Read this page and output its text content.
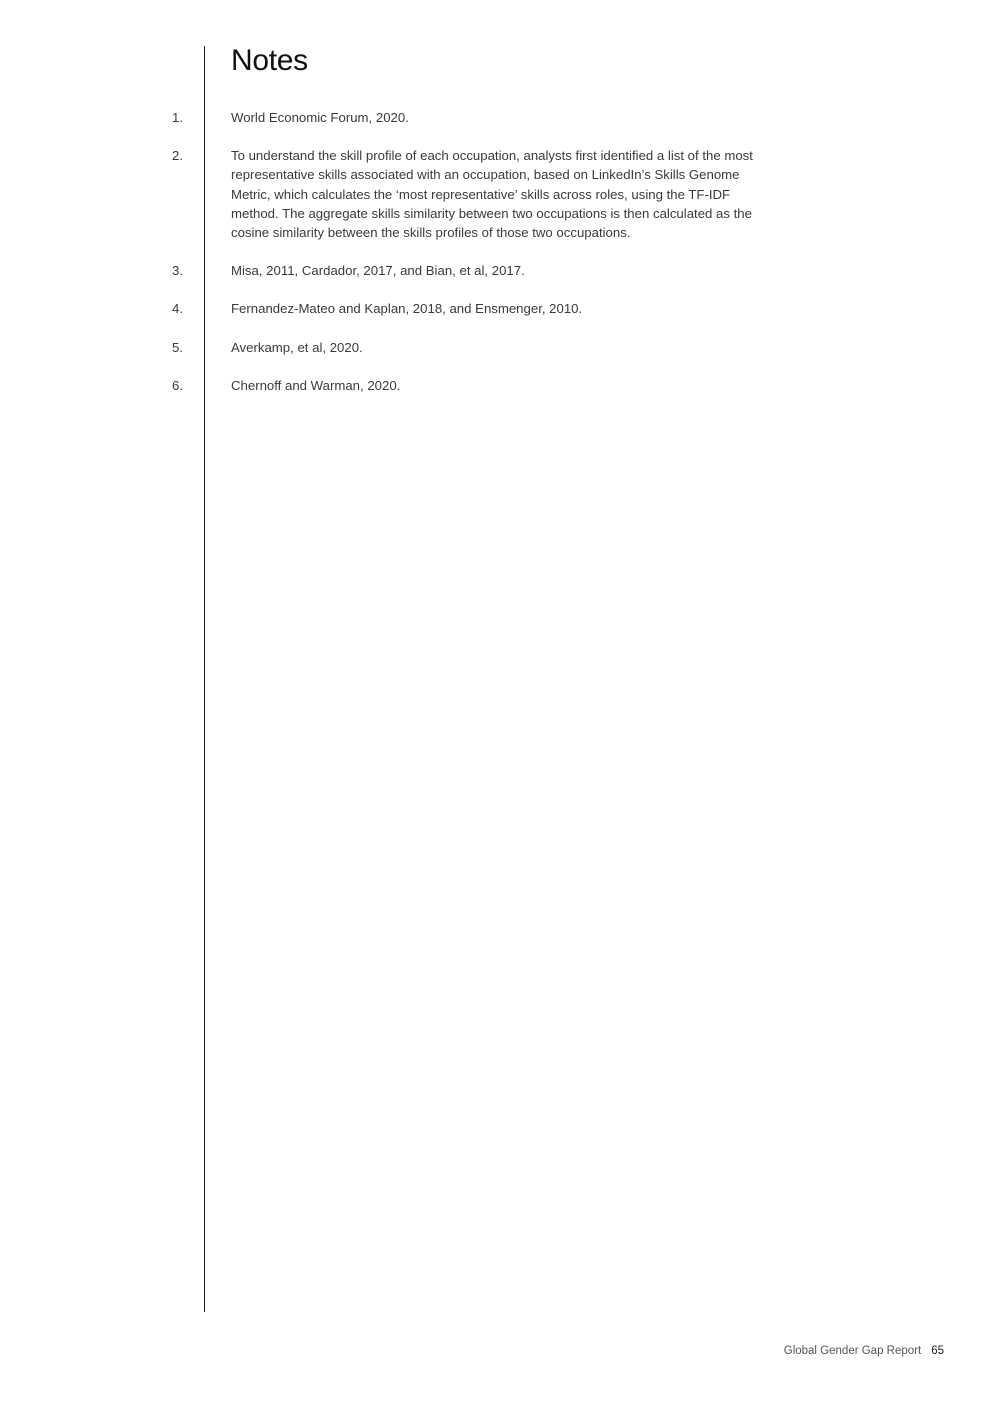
Notes
1.	World Economic Forum, 2020.
2.	To understand the skill profile of each occupation, analysts first identified a list of the most representative skills associated with an occupation, based on LinkedIn’s Skills Genome Metric, which calculates the ‘most representative’ skills across roles, using the TF-IDF method. The aggregate skills similarity between two occupations is then calculated as the cosine similarity between the skills profiles of those two occupations.
3.	Misa, 2011, Cardador, 2017, and Bian, et al, 2017.
4.	Fernandez-Mateo and Kaplan, 2018, and Ensmenger, 2010.
5.	Averkamp, et al, 2020.
6.	Chernoff and Warman, 2020.
Global Gender Gap Report 65
